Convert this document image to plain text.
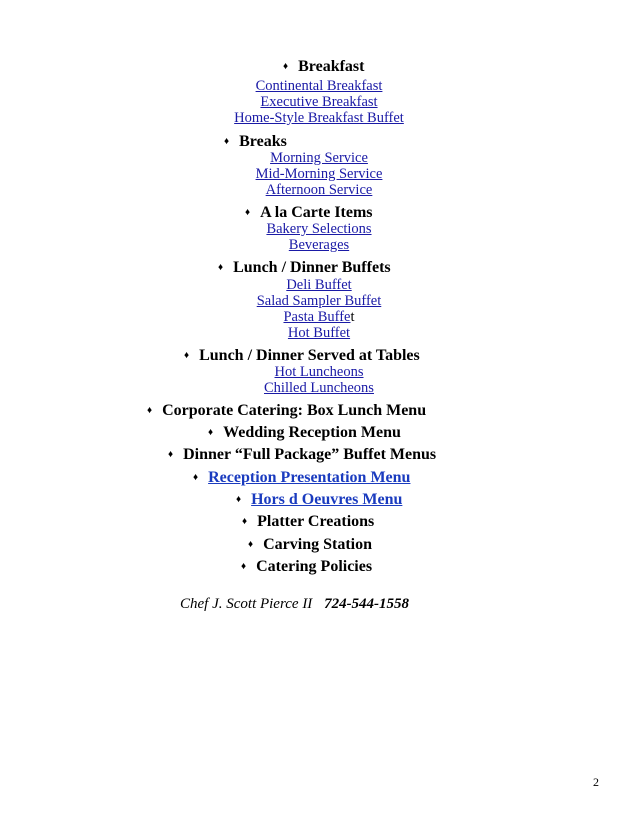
♦ Breakfast
Continental Breakfast
Executive Breakfast
Home-Style Breakfast Buffet
♦ Breaks
Morning Service
Mid-Morning Service
Afternoon Service
♦ A la Carte Items
Bakery Selections
Beverages
♦ Lunch / Dinner Buffets
Deli Buffet
Salad Sampler Buffet
Pasta Buffet
Hot Buffet
♦ Lunch / Dinner Served at Tables
Hot Luncheons
Chilled Luncheons
♦ Corporate Catering: Box Lunch Menu
♦ Wedding Reception Menu
♦ Dinner “Full Package” Buffet Menus
♦ Reception Presentation Menu
♦ Hors d Oeuvres Menu
♦ Platter Creations
♦ Carving Station
♦ Catering Policies
Chef J. Scott Pierce II 724-544-1558
2
